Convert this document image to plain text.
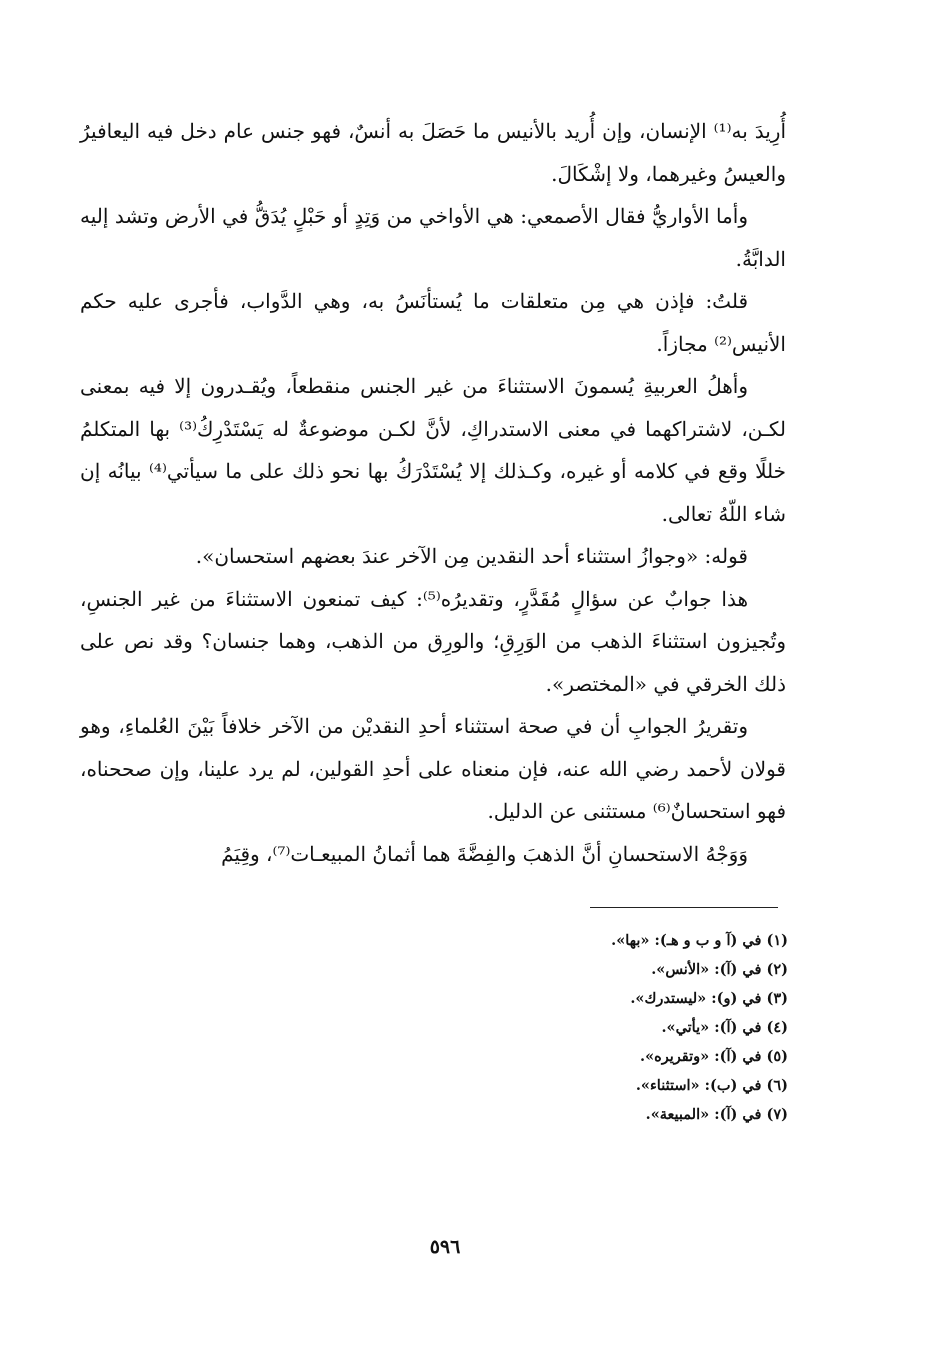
أُرِيدَ به⁽¹⁾ الإنسان، وإن أُريد بالأنيس ما حَصَلَ به أنسٌ، فهو جنس عام دخل فيه اليعافيرُ والعيسُ وغيرهما، ولا إشْكَالَ.

وأما الأواريُّ فقال الأصمعي: هي الأواخي من وَتِدٍ أو حَبْلٍ يُدَقُّ في الأرض وتشد إليه الدابَّةُ.

قلتُ: فإذن هي مِن متعلقات ما يُستأنَسُ به، وهي الدَّواب، فأجرى عليه حكم الأنيس⁽²⁾ مجازاً.

وأهلُ العربيةِ يُسمونَ الاستثناءَ من غير الجنس منقطعاً، ويُقـدرون إلا فيه بمعنى لكـن، لاشتراكهما في معنى الاستدراكِ، لأنَّ لكـن موضوعةٌ له يَسْتَدْرِكُ⁽³⁾ بها المتكلمُ خللًا وقع في كلامه أو غيره، وكـذلك إلا يُسْتَدْرَكُ بها نحو ذلك على ما سيأتي⁽⁴⁾ بيانُه إن شاء اللّهُ تعالى.

قوله: «وجوازُ استثناء أحد النقدين مِن الآخر عندَ بعضهم استحسان».

هذا جوابٌ عن سؤالٍ مُقَدَّرٍ، وتقديرُه⁽⁵⁾: كيف تمنعون الاستثناءَ من غير الجنسِ، وتُجيزون استثناءَ الذهب من الوَرِقِ؛ والورِق من الذهب، وهما جنسان؟ وقد نص على ذلك الخرقي في «المختصر».

وتقريرُ الجوابِ أن في صحة استثناء أحدِ النقديْن من الآخر خلافاً بَيْنَ العُلماءِ، وهو قولان لأحمد رضي الله عنه، فإن منعناه على أحدِ القولين، لم يرد علينا، وإن صححناه، فهو استحسانٌ⁽⁶⁾ مستثنى عن الدليل.

وَوَجْهُ الاستحسانِ أنَّ الذهبَ والفِضَّةَ هما أثمانُ المبيعـات⁽⁷⁾، وقِيَمُ

(١) في (آ و ب و هـ): «بها».

(٢) في (آ): «الأنس».

(٣) في (و): «ليستدرك».

(٤) في (آ): «يأتي».

(٥) في (آ): «وتقريره».

(٦) في (ب): «استثناء».

(٧) في (آ): «المبيعة».

٥٩٦
